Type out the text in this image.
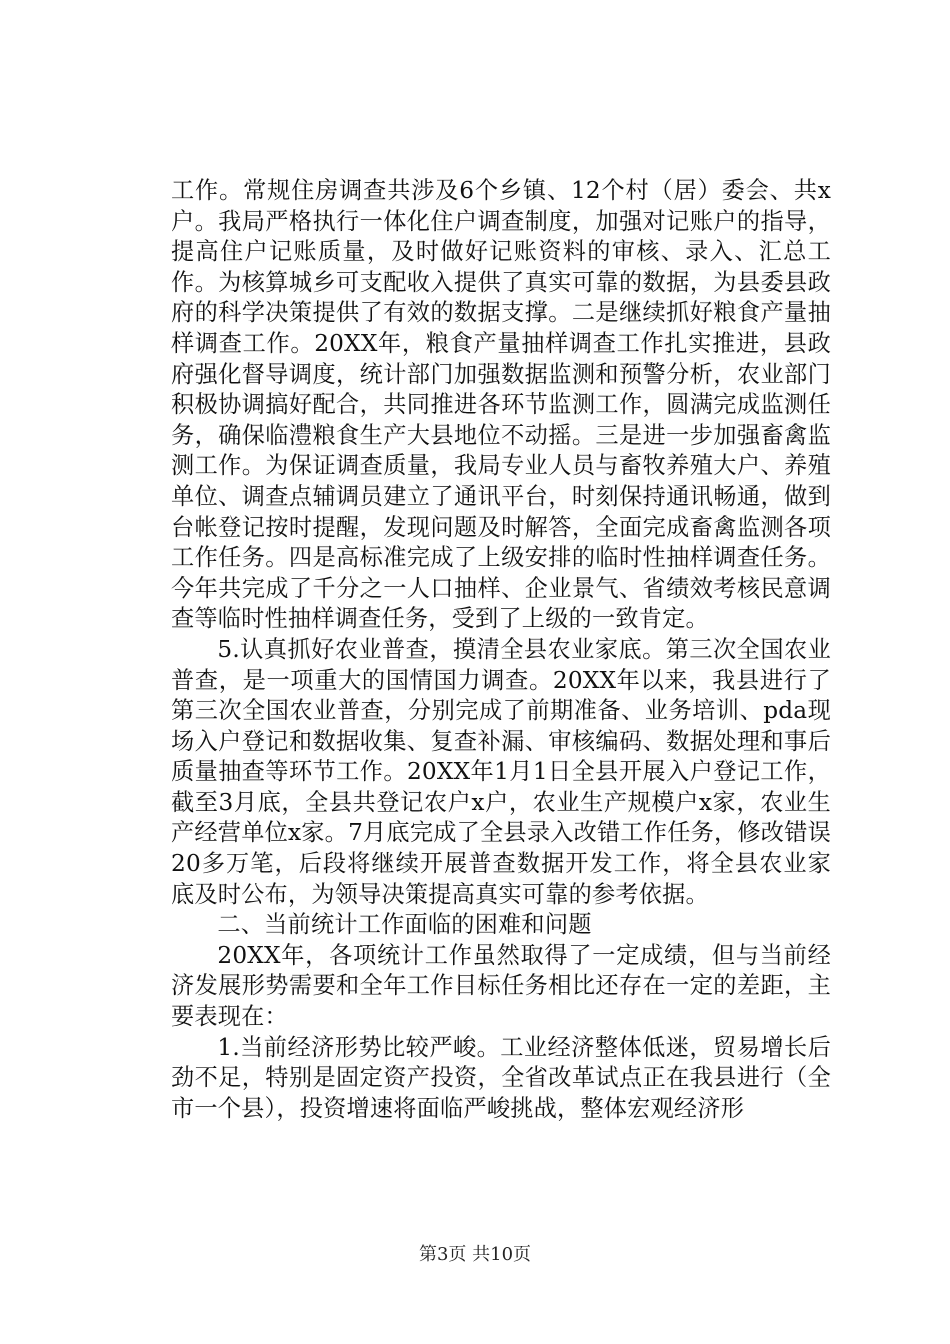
工作。常规住房调查共涉及6个乡镇、12个村（居）委会、共x户。我局严格执行一体化住户调查制度，加强对记账户的指导，提高住户记账质量，及时做好记账资料的审核、录入、汇总工作。为核算城乡可支配收入提供了真实可靠的数据，为县委县政府的科学决策提供了有效的数据支撑。二是继续抓好粮食产量抽样调查工作。20XX年，粮食产量抽样调查工作扎实推进，县政府强化督导调度，统计部门加强数据监测和预警分析，农业部门积极协调搞好配合，共同推进各环节监测工作，圆满完成监测任务，确保临澧粮食生产大县地位不动摇。三是进一步加强畜禽监测工作。为保证调查质量，我局专业人员与畜牧养殖大户、养殖单位、调查点辅调员建立了通讯平台，时刻保持通讯畅通，做到台帐登记按时提醒，发现问题及时解答，全面完成畜禽监测各项工作任务。四是高标准完成了上级安排的临时性抽样调查任务。今年共完成了千分之一人口抽样、企业景气、省绩效考核民意调查等临时性抽样调查任务，受到了上级的一致肯定。

5.认真抓好农业普查，摸清全县农业家底。第三次全国农业普查，是一项重大的国情国力调查。20XX年以来，我县进行了第三次全国农业普查，分别完成了前期准备、业务培训、pda现场入户登记和数据收集、复查补漏、审核编码、数据处理和事后质量抽查等环节工作。20XX年1月1日全县开展入户登记工作，截至3月底，全县共登记农户x户，农业生产规模户x家，农业生产经营单位x家。7月底完成了全县录入改错工作任务，修改错误20多万笔，后段将继续开展普查数据开发工作，将全县农业家底及时公布，为领导决策提高真实可靠的参考依据。

二、当前统计工作面临的困难和问题

20XX年，各项统计工作虽然取得了一定成绩，但与当前经济发展形势需要和全年工作目标任务相比还存在一定的差距，主要表现在：

1.当前经济形势比较严峻。工业经济整体低迷，贸易增长后劲不足，特别是固定资产投资，全省改革试点正在我县进行（全市一个县），投资增速将面临严峻挑战，整体宏观经济形

第3页 共10页
